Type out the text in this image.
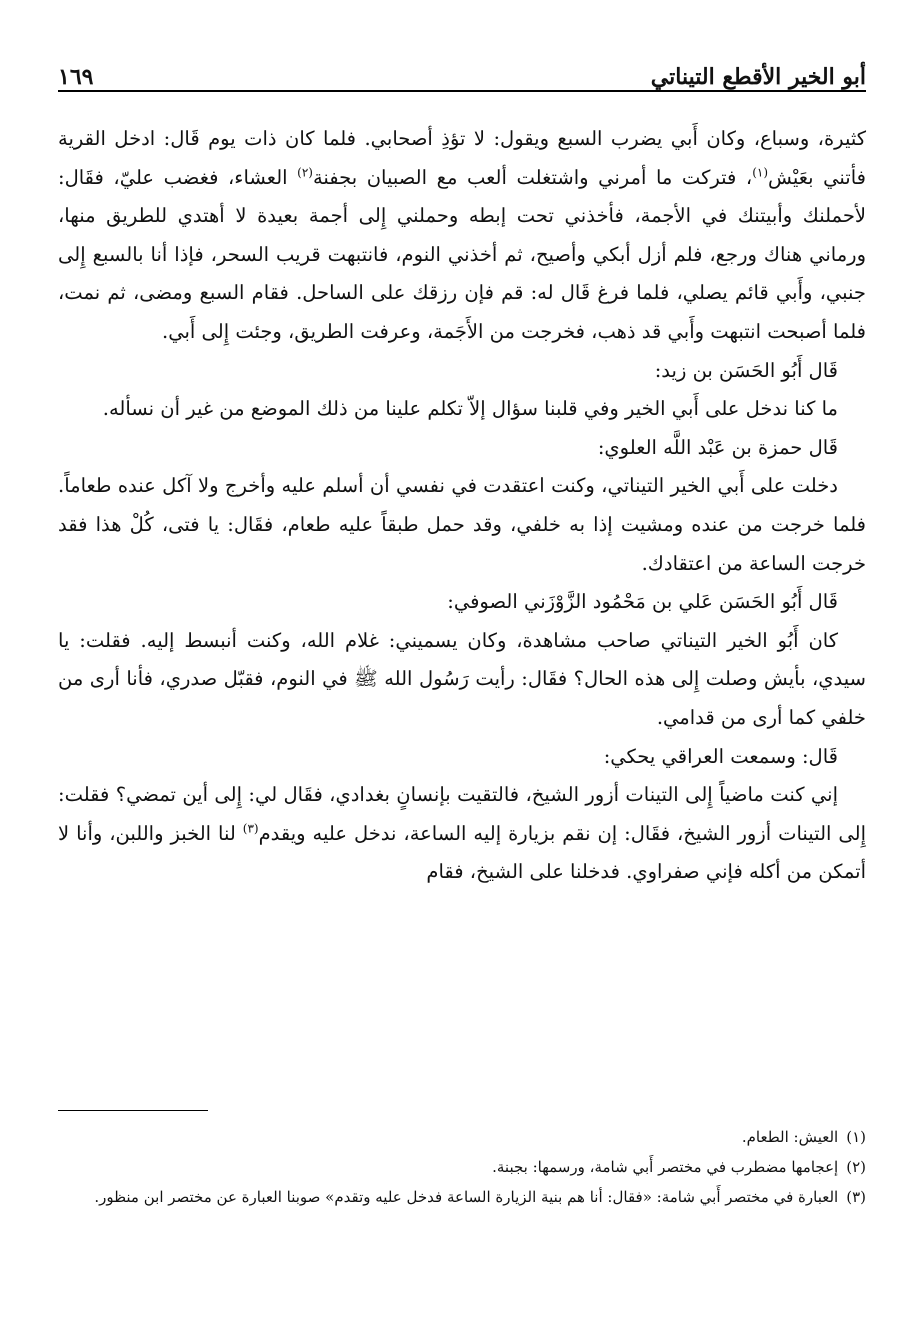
أبو الخير الأقطع التيناتي
١٦٩

كثيرة، وسباع، وكان أَبي يضرب السبع ويقول: لا تؤذِ أصحابي. فلما كان ذات يوم قَال: ادخل القرية فأتني بعَيْش$^{(١)}$، فتركت ما أمرني واشتغلت ألعب مع الصبيان بجفنة$^{(٢)}$ العشاء، فغضب عليّ، فقَال: لأحملنك وأبيتنك في الأجمة، فأخذني تحت إبطه وحملني إِلى أجمة بعيدة لا أهتدي للطريق منها، ورماني هناك ورجع، فلم أزل أبكي وأصيح، ثم أخذني النوم، فانتبهت قريب السحر، فإذا أنا بالسبع إِلى جنبي، وأَبي قائم يصلي، فلما فرغ قَال له: قم فإن رزقك على الساحل. فقام السبع ومضى، ثم نمت، فلما أصبحت انتبهت وأَبي قد ذهب، فخرجت من الأَجَمة، وعرفت الطريق، وجئت إِلى أَبي.

قَال أَبُو الحَسَن بن زيد:

ما كنا ندخل على أَبي الخير وفي قلبنا سؤال إلاّ تكلم علينا من ذلك الموضع من غير أن نسأله.

قَال حمزة بن عَبْد اللَّه العلوي:

دخلت على أَبي الخير التيناتي، وكنت اعتقدت في نفسي أن أسلم عليه وأخرج ولا آكل عنده طعاماً. فلما خرجت من عنده ومشيت إذا به خلفي، وقد حمل طبقاً عليه طعام، فقَال: يا فتى، كُلْ هذا فقد خرجت الساعة من اعتقادك.

قَال أَبُو الحَسَن عَلي بن مَحْمُود الزَّوْزَني الصوفي:

كان أَبُو الخير التيناتي صاحب مشاهدة، وكان يسميني: غلام الله، وكنت أنبسط إليه. فقلت: يا سيدي، بأيش وصلت إِلى هذه الحال؟ فقَال: رأيت رَسُول الله ﷺ في النوم، فقبّل صدري، فأنا أرى من خلفي كما أرى من قدامي.

قَال: وسمعت العراقي يحكي:

إني كنت ماضياً إِلى التينات أزور الشيخ، فالتقيت بإنسانٍ بغدادي، فقَال لي: إِلى أين تمضي؟ فقلت: إِلى التينات أزور الشيخ، فقَال: إن نقم بزيارة إليه الساعة، ندخل عليه ويقدم$^{(٣)}$ لنا الخبز واللبن، وأنا لا أتمكن من أكله فإني صفراوي. فدخلنا على الشيخ، فقام

(١)
العيش: الطعام.
(٢)
إعجامها مضطرب في مختصر أَبي شامة، ورسمها: بجبنة.
(٣)
العبارة في مختصر أَبي شامة: «فقال: أنا هم بنية الزيارة الساعة فدخل عليه وتقدم» صوبنا العبارة عن مختصر ابن منظور.
